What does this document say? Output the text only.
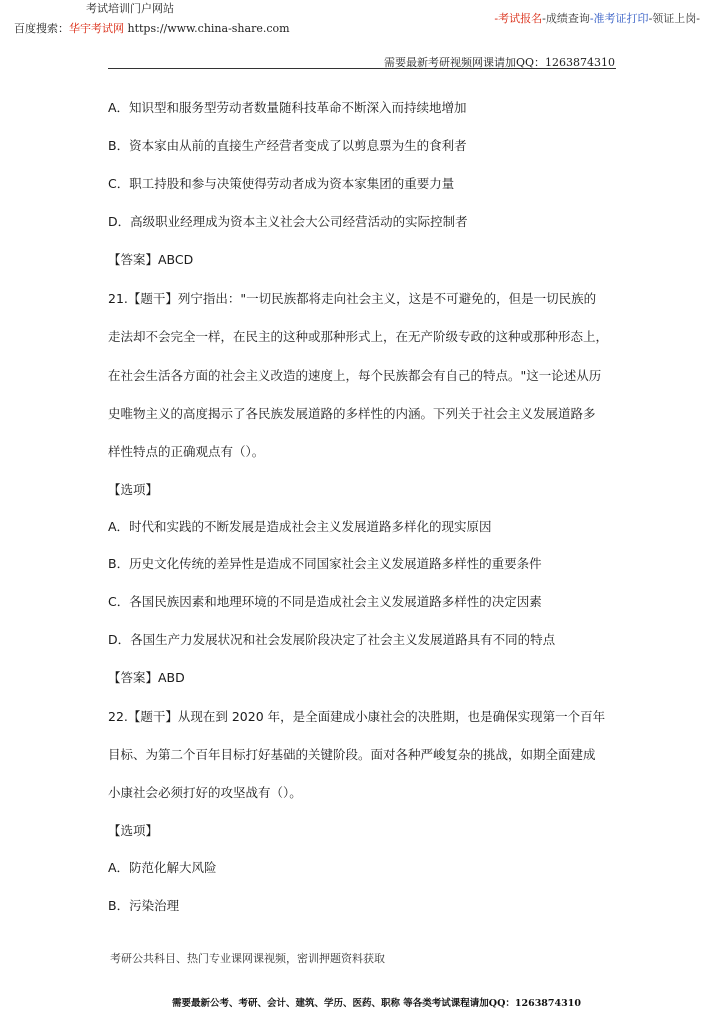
考试培训门户网站
百度搜索：华宇考试网 https://www.china-share.com
-考试报名-成绩查询-准考证打印-领证上岗-
需要最新考研视频网课请加QQ：1263874310
A．知识型和服务型劳动者数量随科技革命不断深入而持续地增加
B．资本家由从前的直接生产经营者变成了以剪息票为生的食利者
C．职工持股和参与决策使得劳动者成为资本家集团的重要力量
D．高级职业经理成为资本主义社会大公司经营活动的实际控制者
【答案】ABCD
21.【题干】列宁指出："一切民族都将走向社会主义，这是不可避免的，但是一切民族的
走法却不会完全一样，在民主的这种或那种形式上，在无产阶级专政的这种或那种形态上，
在社会生活各方面的社会主义改造的速度上，每个民族都会有自己的特点。"这一论述从历
史唯物主义的高度揭示了各民族发展道路的多样性的内涵。下列关于社会主义发展道路多
样性特点的正确观点有（）。
【选项】
A．时代和实践的不断发展是造成社会主义发展道路多样化的现实原因
B．历史文化传统的差异性是造成不同国家社会主义发展道路多样性的重要条件
C．各国民族因素和地理环境的不同是造成社会主义发展道路多样性的决定因素
D．各国生产力发展状况和社会发展阶段决定了社会主义发展道路具有不同的特点
【答案】ABD
22.【题干】从现在到 2020 年，是全面建成小康社会的决胜期，也是确保实现第一个百年
目标、为第二个百年目标打好基础的关键阶段。面对各种严峻复杂的挑战，如期全面建成
小康社会必须打好的攻坚战有（）。
【选项】
A．防范化解大风险
B．污染治理
考研公共科目、热门专业课网课视频，密训押题资料获取
需要最新公考、考研、会计、建筑、学历、医药、职称 等各类考试课程请加QQ：1263874310
